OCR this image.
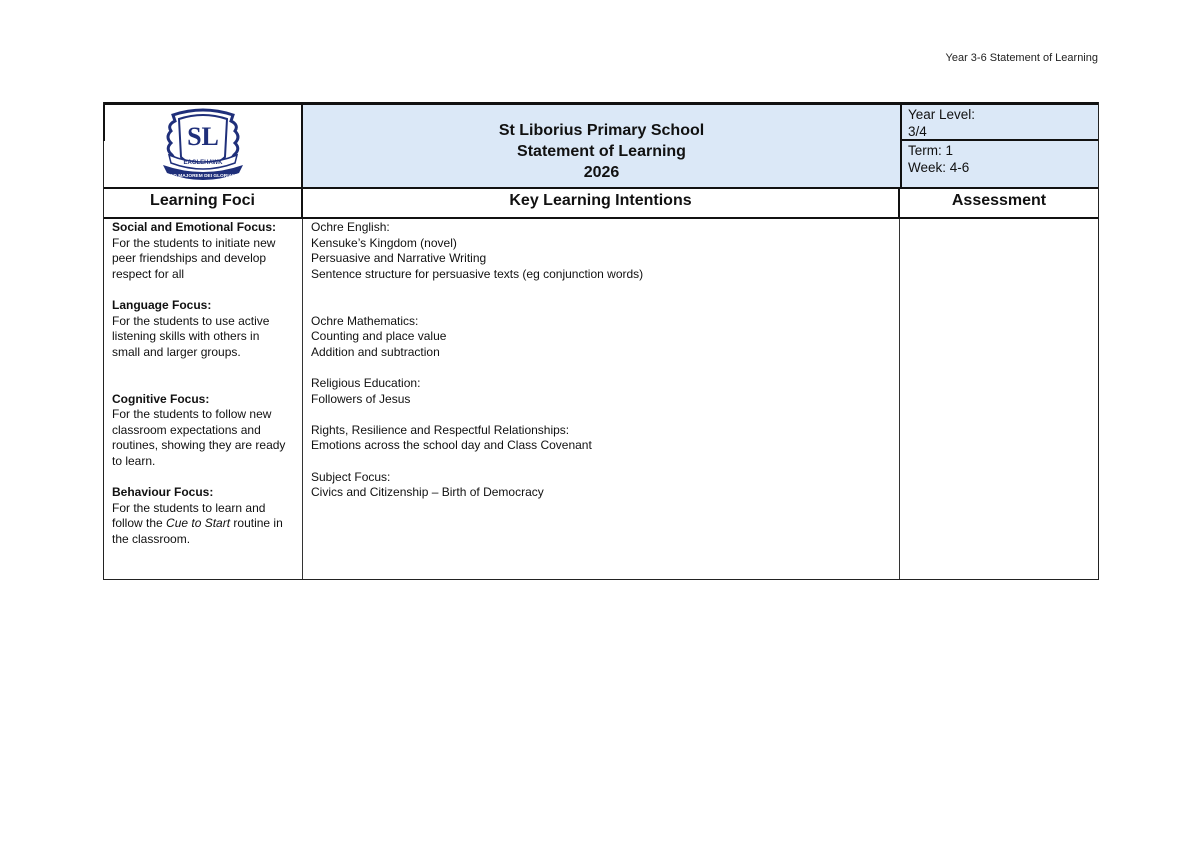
Year 3-6 Statement of Learning
SL
EAGLEHAWK
AD MAJOREM DEI GLORIAM
St Liborius Primary School
Statement of Learning
2026
Year Level:
3/4
Term: 1
Week: 4-6
Learning Foci	Key Learning Intentions	Assessment
Social and Emotional Focus:
For the students to initiate new
peer friendships and develop
respect for all
Language Focus:
For the students to use active
listening skills with others in
small and larger groups.
Cognitive Focus:
For the students to follow new
classroom expectations and
routines, showing they are ready
to learn.
Behaviour Focus:
For the students to learn and
follow the Cue to Start routine in
the classroom.
Ochre English:
Kensuke’s Kingdom (novel)
Persuasive and Narrative Writing
Sentence structure for persuasive texts (eg conjunction words)
Ochre Mathematics:
Counting and place value
Addition and subtraction
Religious Education:
Followers of Jesus
Rights, Resilience and Respectful Relationships:
Emotions across the school day and Class Covenant
Subject Focus:
Civics and Citizenship – Birth of Democracy
